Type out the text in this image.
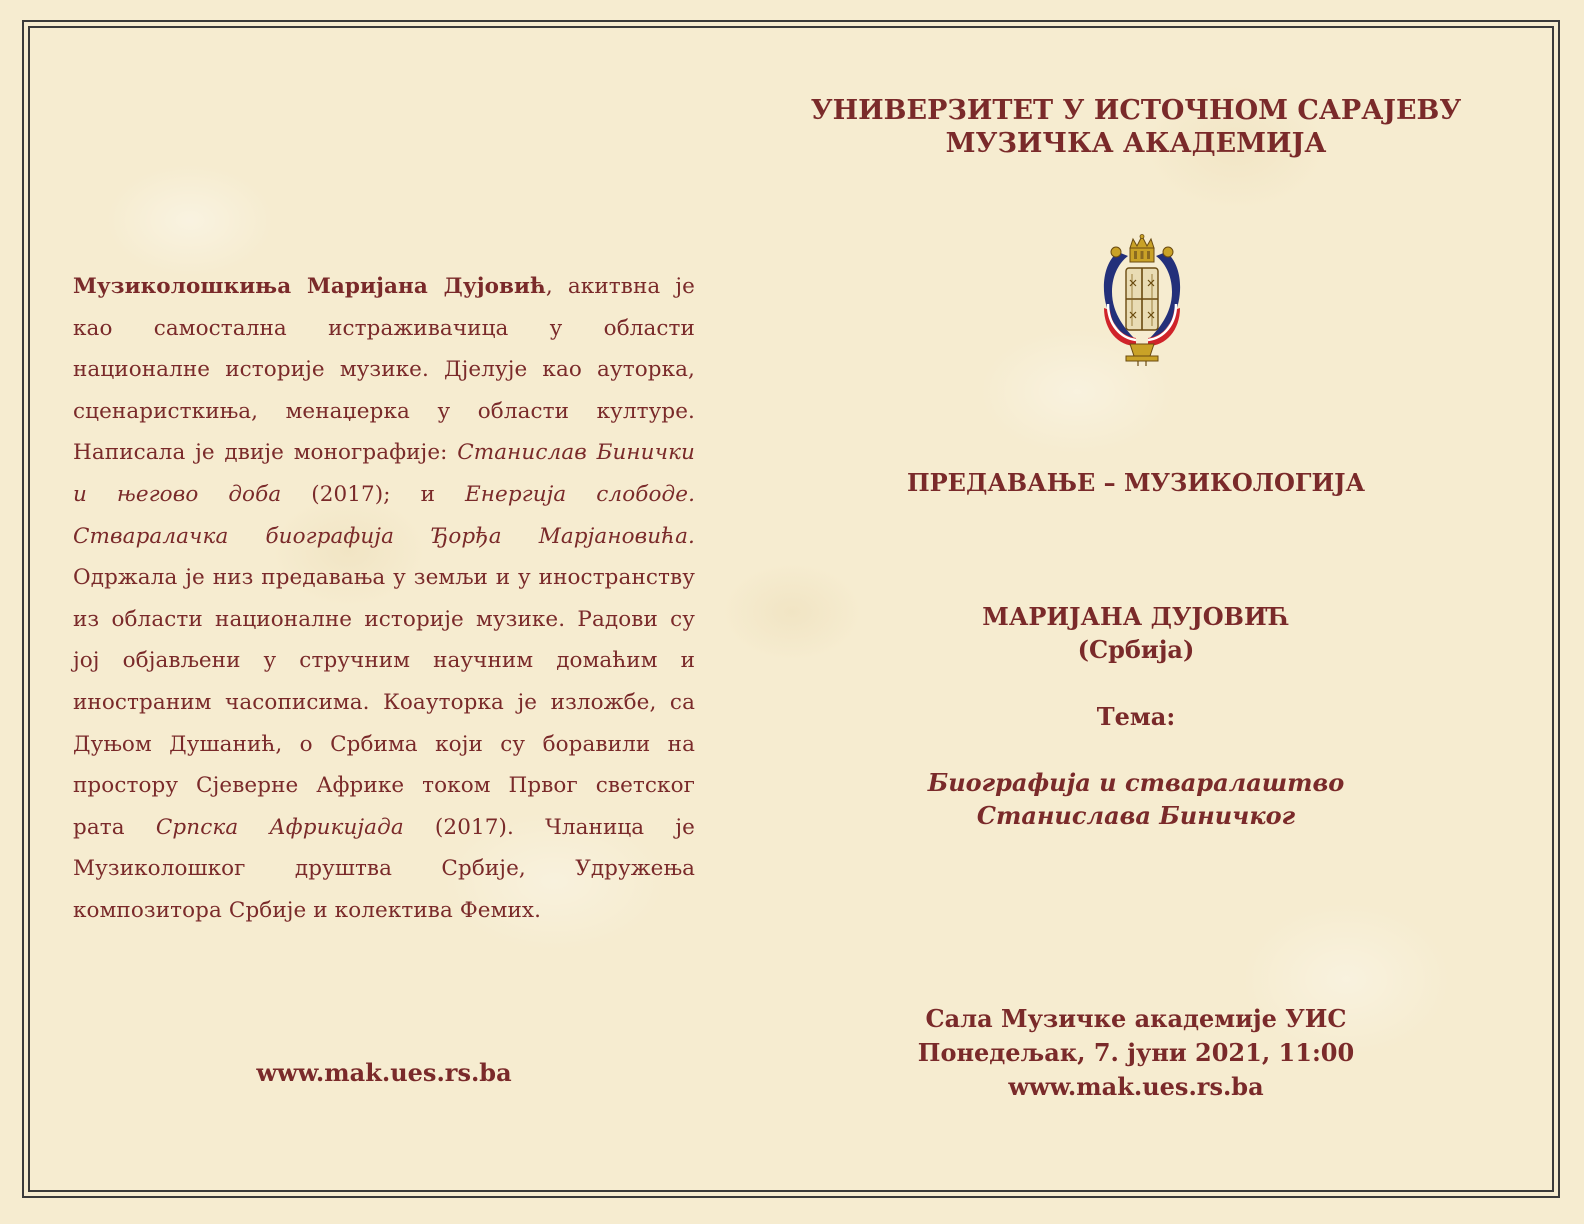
Музиколошкиња Маријана Дујовић, акитвна је као самостална истраживачица у области националне историје музике. Дјелује као ауторка, сценаристкиња, менаџерка у области културе. Написала је двије монографије: Станислав Бинички и његово доба (2017); и Енергија слободе. Стваралачка биографија Ђорђа Марјановића. Одржала је низ предавања у земљи и у иностранству из области националне историје музике. Радови су јој објављени у стручним научним домаћим и иностраним часописима. Коауторка је изложбе, са Дуњом Душанић, о Србима који су боравили на простору Сјеверне Африке током Првог светског рата Српска Африкијада (2017). Чланица је Музиколошког друштва Србије, Удружења композитора Србије и колектива Фемих.
www.mak.ues.rs.ba
УНИВЕРЗИТЕТ У ИСТОЧНОМ САРАЈЕВУ
МУЗИЧКА АКАДЕМИЈА
ПРЕДАВАЊЕ – МУЗИКОЛОГИЈА
МАРИЈАНА ДУЈОВИЋ
(Србија)
Тема:
Биографија и стваралаштво
Станислава Биничког
Сала Музичке академије УИС
Понедељак, 7. јуни 2021, 11:00
www.mak.ues.rs.ba
